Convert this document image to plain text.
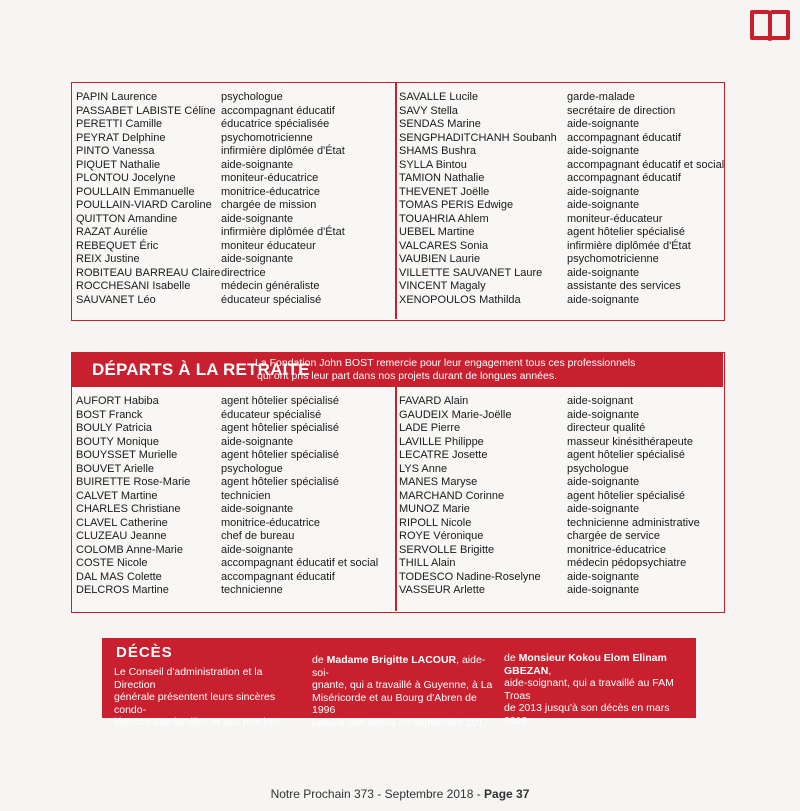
PAPIN Laurence	psychologue
PASSABET LABISTE Céline accompagnant éducatif
PERETTI Camille	éducatrice spécialisée
PEYRAT Delphine	psychomotricienne
PINTO Vanessa	infirmière diplômée d'État
PIQUET Nathalie	aide-soignante
PLONTOU Jocelyne	moniteur-éducatrice
POULLAIN Emmanuelle	monitrice-éducatrice
POULLAIN-VIARD Caroline chargée de mission
QUITTON Amandine	aide-soignante
RAZAT Aurélie	infirmière diplômée d'État
REBEQUET Éric	moniteur éducateur
REIX Justine	aide-soignante
ROBITEAU BARREAU Claire directrice
ROCCHESANI Isabelle	médecin généraliste
SAUVANET Léo	éducateur spécialisé
SAVALLE Lucile	garde-malade
SAVY Stella	secrétaire de direction
SENDAS Marine	aide-soignante
SENGPHADITCHANH Soubanh accompagnant éducatif
SHAMS Bushra	aide-soignante
SYLLA Bintou	accompagnant éducatif et social
TAMION Nathalie	accompagnant éducatif
THEVENET Joëlle	aide-soignante
TOMAS PERIS Edwige	aide-soignante
TOUAHRIA Ahlem	moniteur-éducateur
UEBEL Martine	agent hôtelier spécialisé
VALCARES Sonia	infirmière diplômée d'État
VAUBIEN Laurie	psychomotricienne
VILLETTE SAUVANET Laure	aide-soignante
VINCENT Magaly	assistante des services
XENOPOULOS Mathilda	aide-soignante
DÉPARTS À LA RETRAITE
La Fondation John BOST remercie pour leur engagement tous ces professionnels
qui ont pris leur part dans nos projets durant de longues années.
AUFORT Habiba	agent hôtelier spécialisé
BOST Franck	éducateur spécialisé
BOULY Patricia	agent hôtelier spécialisé
BOUTY Monique	aide-soignante
BOUYSSET Murielle	agent hôtelier spécialisé
BOUVET Arielle	psychologue
BUIRETTE Rose-Marie	agent hôtelier spécialisé
CALVET Martine	technicien
CHARLES Christiane	aide-soignante
CLAVEL Catherine	monitrice-éducatrice
CLUZEAU Jeanne	chef de bureau
COLOMB Anne-Marie	aide-soignante
COSTE Nicole	accompagnant éducatif et social
DAL MAS Colette	accompagnant éducatif
DELCROS Martine	technicienne
FAVARD Alain	aide-soignant
GAUDEIX Marie-Joëlle	aide-soignante
LADE Pierre	directeur qualité
LAVILLE Philippe	masseur kinésithérapeute
LECATRE Josette	agent hôtelier spécialisé
LYS Anne	psychologue
MANES Maryse	aide-soignante
MARCHAND Corinne	agent hôtelier spécialisé
MUNOZ Marie	aide-soignante
RIPOLL Nicole	technicienne administrative
ROYE Véronique	chargée de service
SERVOLLE Brigitte	monitrice-éducatrice
THILL Alain	médecin pédopsychiatre
TODESCO Nadine-Roselyne	aide-soignante
VASSEUR Arlette	aide-soignante
DÉCÈS
Le Conseil d'administration et la Direction
générale présentent leurs sincères condo-
léances aux familles et aux proches
de Madame Brigitte LACOUR, aide-soi-
gnante, qui a travaillé à Guyenne, à La
Miséricorde et au Bourg d'Abren de 1996
jusqu'à son décès en septembre 2017,
de Monsieur Kokou Elom Elinam GBEZAN,
aide-soignant, qui a travaillé au FAM Troas
de 2013 jusqu'à son décès en mars 2018.
Notre Prochain 373 - Septembre 2018 - Page 37
